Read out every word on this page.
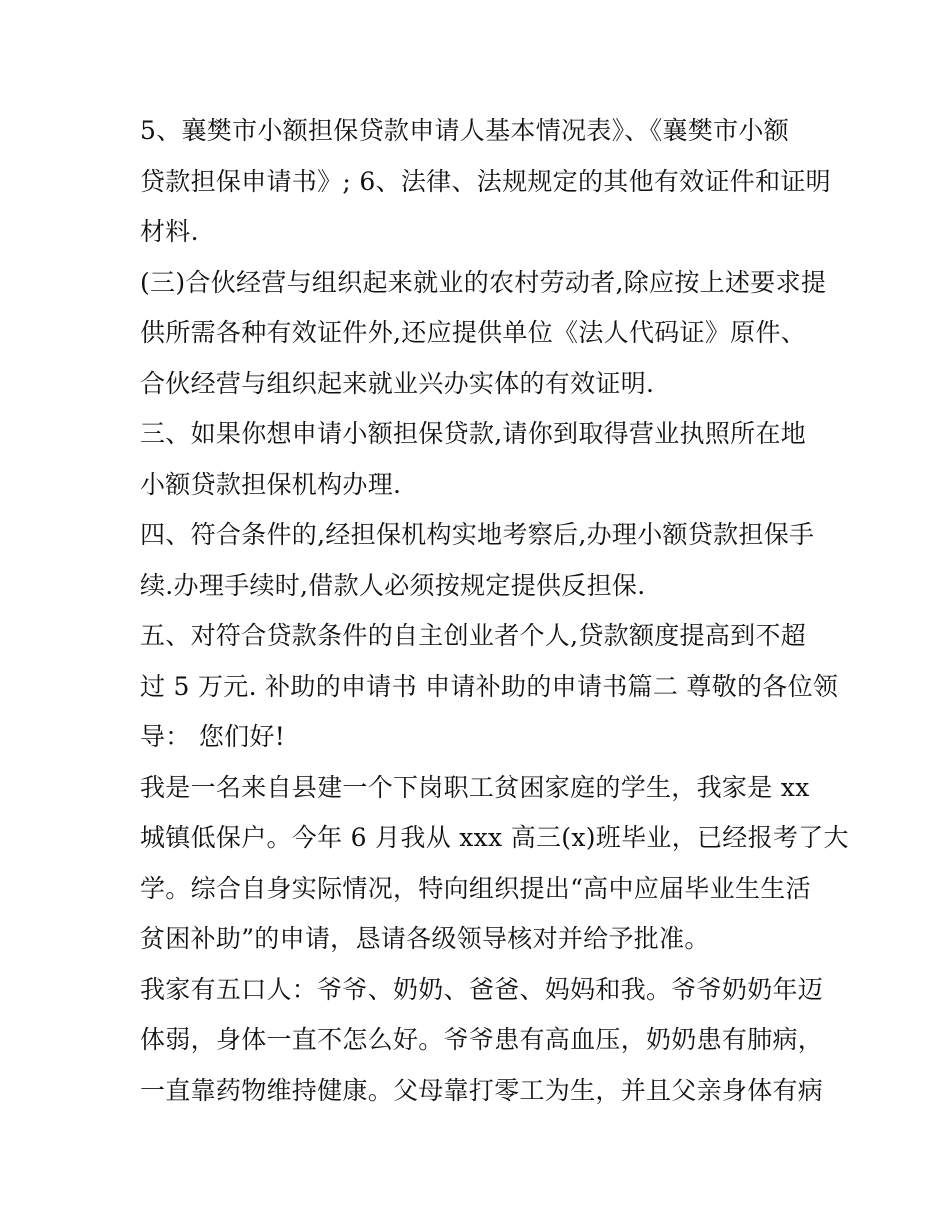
5、襄樊市小额担保贷款申请人基本情况表》、《襄樊市小额
贷款担保申请书》; 6、法律、法规规定的其他有效证件和证明
材料.
(三)合伙经营与组织起来就业的农村劳动者,除应按上述要求提
供所需各种有效证件外,还应提供单位《法人代码证》原件、
合伙经营与组织起来就业兴办实体的有效证明.
三、如果你想申请小额担保贷款,请你到取得营业执照所在地
小额贷款担保机构办理.
四、符合条件的,经担保机构实地考察后,办理小额贷款担保手
续.办理手续时,借款人必须按规定提供反担保.
五、对符合贷款条件的自主创业者个人,贷款额度提高到不超
过 5 万元. 补助的申请书 申请补助的申请书篇二 尊敬的各位领
导： 您们好!
我是一名来自县建一个下岗职工贫困家庭的学生，我家是 xx
城镇低保户。今年 6 月我从 xxx 高三(x)班毕业，已经报考了大
学。综合自身实际情况，特向组织提出“高中应届毕业生生活
贫困补助”的申请，恳请各级领导核对并给予批准。
我家有五口人：爷爷、奶奶、爸爸、妈妈和我。爷爷奶奶年迈
体弱，身体一直不怎么好。爷爷患有高血压，奶奶患有肺病，
一直靠药物维持健康。父母靠打零工为生，并且父亲身体有病
